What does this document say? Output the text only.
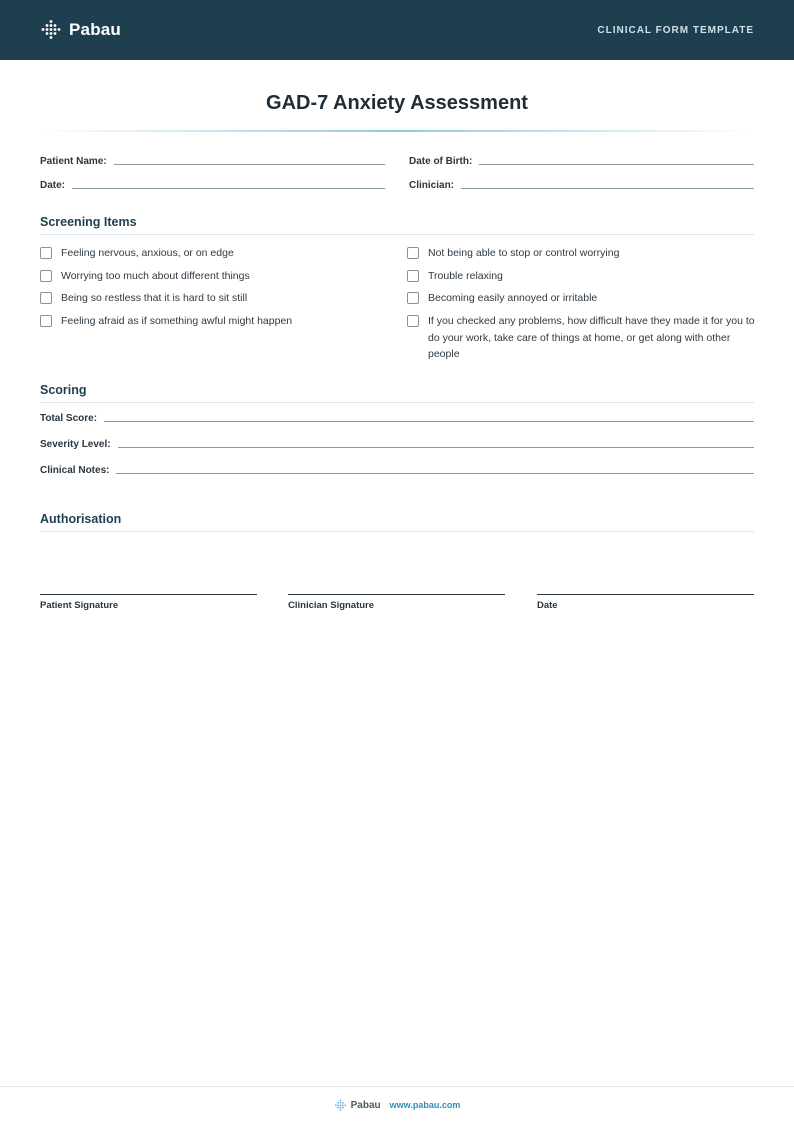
Pabau	CLINICAL FORM TEMPLATE
GAD-7 Anxiety Assessment
Patient Name:	Date of Birth:
Date:	Clinician:
Screening Items
Feeling nervous, anxious, or on edge
Worrying too much about different things
Being so restless that it is hard to sit still
Feeling afraid as if something awful might happen
Not being able to stop or control worrying
Trouble relaxing
Becoming easily annoyed or irritable
If you checked any problems, how difficult have they made it for you to do your work, take care of things at home, or get along with other people
Scoring
Total Score:
Severity Level:
Clinical Notes:
Authorisation
Patient Signature	Clinician Signature	Date
Pabau www.pabau.com
